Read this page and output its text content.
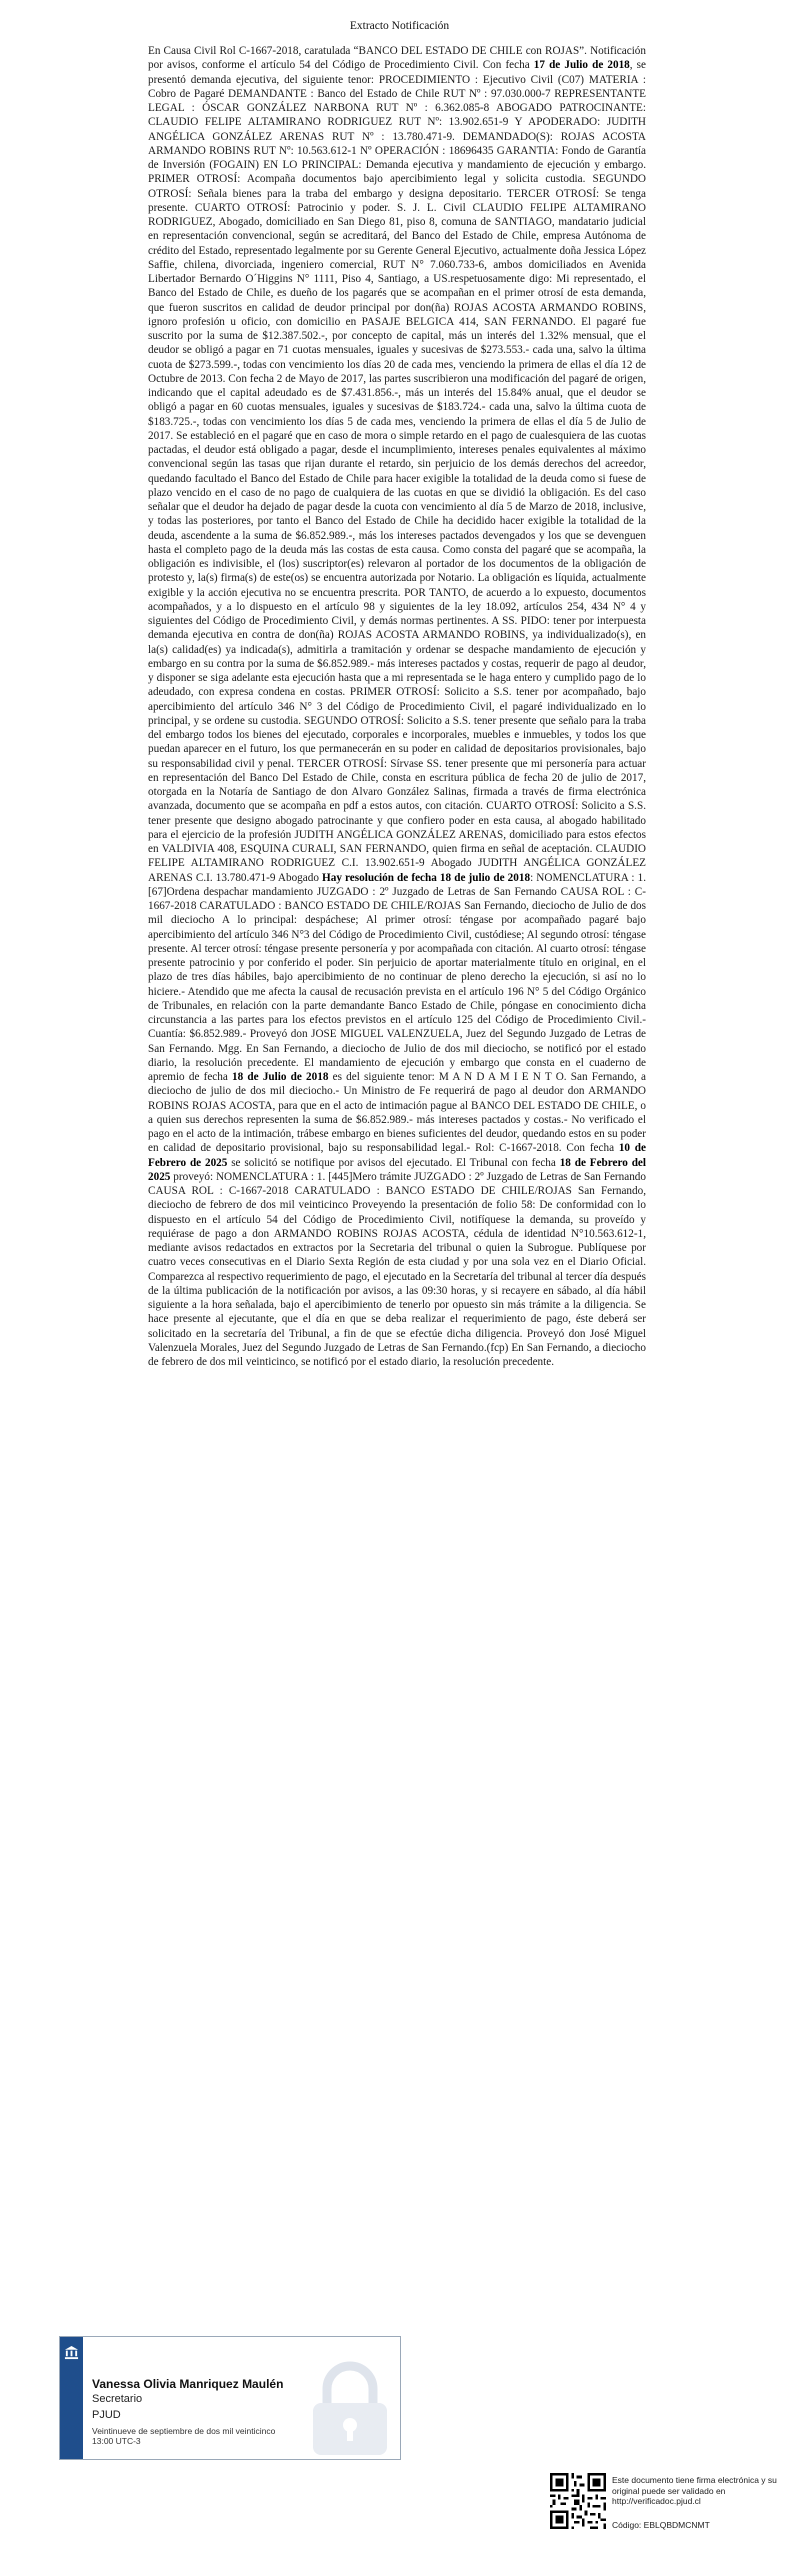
Extracto Notificación

En Causa Civil Rol C-1667-2018, caratulada “BANCO DEL ESTADO DE CHILE con ROJAS”. Notificación por avisos, conforme el artículo 54 del Código de Procedimiento Civil. Con fecha 17 de Julio de 2018, se presentó demanda ejecutiva, del siguiente tenor: PROCEDIMIENTO : Ejecutivo Civil (C07) MATERIA : Cobro de Pagaré DEMANDANTE : Banco del Estado de Chile RUT Nº : 97.030.000-7 REPRESENTANTE LEGAL : ÓSCAR GONZÁLEZ NARBONA RUT Nº : 6.362.085-8 ABOGADO PATROCINANTE: CLAUDIO FELIPE ALTAMIRANO RODRIGUEZ RUT Nº: 13.902.651-9 Y APODERADO: JUDITH ANGÉLICA GONZÁLEZ ARENAS RUT Nº : 13.780.471-9. DEMANDADO(S): ROJAS ACOSTA ARMANDO ROBINS RUT Nº: 10.563.612-1 Nº OPERACIÓN : 18696435 GARANTIA: Fondo de Garantía de Inversión (FOGAIN) EN LO PRINCIPAL: Demanda ejecutiva y mandamiento de ejecución y embargo. PRIMER OTROSÍ: Acompaña documentos bajo apercibimiento legal y solicita custodia. SEGUNDO OTROSÍ: Señala bienes para la traba del embargo y designa depositario. TERCER OTROSÍ: Se tenga presente. CUARTO OTROSÍ: Patrocinio y poder. S. J. L. Civil CLAUDIO FELIPE ALTAMIRANO RODRIGUEZ, Abogado, domiciliado en San Diego 81, piso 8, comuna de SANTIAGO, mandatario judicial en representación convencional, según se acreditará, del Banco del Estado de Chile, empresa Autónoma de crédito del Estado, representado legalmente por su Gerente General Ejecutivo, actualmente doña Jessica López Saffie, chilena, divorciada, ingeniero comercial, RUT N° 7.060.733-6, ambos domiciliados en Avenida Libertador Bernardo O´Higgins N° 1111, Piso 4, Santiago, a US.respetuosamente digo: Mi representado, el Banco del Estado de Chile, es dueño de los pagarés que se acompañan en el primer otrosí de esta demanda, que fueron suscritos en calidad de deudor principal por don(ña) ROJAS ACOSTA ARMANDO ROBINS, ignoro profesión u oficio, con domicilio en PASAJE BELGICA 414, SAN FERNANDO. El pagaré fue suscrito por la suma de $12.387.502.-, por concepto de capital, más un interés del 1.32% mensual, que el deudor se obligó a pagar en 71 cuotas mensuales, iguales y sucesivas de $273.553.- cada una, salvo la última cuota de $273.599.-, todas con vencimiento los días 20 de cada mes, venciendo la primera de ellas el día 12 de Octubre de 2013. Con fecha 2 de Mayo de 2017, las partes suscribieron una modificación del pagaré de origen, indicando que el capital adeudado es de $7.431.856.-, más un interés del 15.84% anual, que el deudor se obligó a pagar en 60 cuotas mensuales, iguales y sucesivas de $183.724.- cada una, salvo la última cuota de $183.725.-, todas con vencimiento los días 5 de cada mes, venciendo la primera de ellas el día 5 de Julio de 2017. Se estableció en el pagaré que en caso de mora o simple retardo en el pago de cualesquiera de las cuotas pactadas, el deudor está obligado a pagar, desde el incumplimiento, intereses penales equivalentes al máximo convencional según las tasas que rijan durante el retardo, sin perjuicio de los demás derechos del acreedor, quedando facultado el Banco del Estado de Chile para hacer exigible la totalidad de la deuda como si fuese de plazo vencido en el caso de no pago de cualquiera de las cuotas en que se dividió la obligación. Es del caso señalar que el deudor ha dejado de pagar desde la cuota con vencimiento al día 5 de Marzo de 2018, inclusive, y todas las posteriores, por tanto el Banco del Estado de Chile ha decidido hacer exigible la totalidad de la deuda, ascendente a la suma de $6.852.989.-, más los intereses pactados devengados y los que se devenguen hasta el completo pago de la deuda más las costas de esta causa. Como consta del pagaré que se acompaña, la obligación es indivisible, el (los) suscriptor(es) relevaron al portador de los documentos de la obligación de protesto y, la(s) firma(s) de este(os) se encuentra autorizada por Notario. La obligación es líquida, actualmente exigible y la acción ejecutiva no se encuentra prescrita. POR TANTO, de acuerdo a lo expuesto, documentos acompañados, y a lo dispuesto en el artículo 98 y siguientes de la ley 18.092, artículos 254, 434 N° 4 y siguientes del Código de Procedimiento Civil, y demás normas pertinentes. A SS. PIDO: tener por interpuesta demanda ejecutiva en contra de don(ña) ROJAS ACOSTA ARMANDO ROBINS, ya individualizado(s), en la(s) calidad(es) ya indicada(s), admitirla a tramitación y ordenar se despache mandamiento de ejecución y embargo en su contra por la suma de $6.852.989.- más intereses pactados y costas, requerir de pago al deudor, y disponer se siga adelante esta ejecución hasta que a mi representada se le haga entero y cumplido pago de lo adeudado, con expresa condena en costas. PRIMER OTROSÍ: Solicito a S.S. tener por acompañado, bajo apercibimiento del artículo 346 N° 3 del Código de Procedimiento Civil, el pagaré individualizado en lo principal, y se ordene su custodia. SEGUNDO OTROSÍ: Solicito a S.S. tener presente que señalo para la traba del embargo todos los bienes del ejecutado, corporales e incorporales, muebles e inmuebles, y todos los que puedan aparecer en el futuro, los que permanecerán en su poder en calidad de depositarios provisionales, bajo su responsabilidad civil y penal. TERCER OTROSÍ: Sírvase SS. tener presente que mi personería para actuar en representación del Banco Del Estado de Chile, consta en escritura pública de fecha 20 de julio de 2017, otorgada en la Notaría de Santiago de don Alvaro González Salinas, firmada a través de firma electrónica avanzada, documento que se acompaña en pdf a estos autos, con citación. CUARTO OTROSÍ: Solicito a S.S. tener presente que designo abogado patrocinante y que confiero poder en esta causa, al abogado habilitado para el ejercicio de la profesión JUDITH ANGÉLICA GONZÁLEZ ARENAS, domiciliado para estos efectos en VALDIVIA 408, ESQUINA CURALI, SAN FERNANDO, quien firma en señal de aceptación. CLAUDIO FELIPE ALTAMIRANO RODRIGUEZ C.I. 13.902.651-9 Abogado JUDITH ANGÉLICA GONZÁLEZ ARENAS C.I. 13.780.471-9 Abogado Hay resolución de fecha 18 de julio de 2018: NOMENCLATURA : 1. [67]Ordena despachar mandamiento JUZGADO : 2º Juzgado de Letras de San Fernando CAUSA ROL : C-1667-2018 CARATULADO : BANCO ESTADO DE CHILE/ROJAS San Fernando, dieciocho de Julio de dos mil dieciocho A lo principal: despáchese; Al primer otrosí: téngase por acompañado pagaré bajo apercibimiento del artículo 346 N°3 del Código de Procedimiento Civil, custódiese; Al segundo otrosí: téngase presente. Al tercer otrosí: téngase presente personería y por acompañada con citación. Al cuarto otrosí: téngase presente patrocinio y por conferido el poder. Sin perjuicio de aportar materialmente título en original, en el plazo de tres días hábiles, bajo apercibimiento de no continuar de pleno derecho la ejecución, si así no lo hiciere.- Atendido que me afecta la causal de recusación prevista en el artículo 196 N° 5 del Código Orgánico de Tribunales, en relación con la parte demandante Banco Estado de Chile, póngase en conocimiento dicha circunstancia a las partes para los efectos previstos en el artículo 125 del Código de Procedimiento Civil.- Cuantía: $6.852.989.- Proveyó don JOSE MIGUEL VALENZUELA, Juez del Segundo Juzgado de Letras de San Fernando. Mgg. En San Fernando, a dieciocho de Julio de dos mil dieciocho, se notificó por el estado diario, la resolución precedente. El mandamiento de ejecución y embargo que consta en el cuaderno de apremio de fecha 18 de Julio de 2018 es del siguiente tenor: M A N D A M I E N T O. San Fernando, a dieciocho de julio de dos mil dieciocho.- Un Ministro de Fe requerirá de pago al deudor don ARMANDO ROBINS ROJAS ACOSTA, para que en el acto de intimación pague al BANCO DEL ESTADO DE CHILE, o a quien sus derechos representen la suma de $6.852.989.- más intereses pactados y costas.- No verificado el pago en el acto de la intimación, trábese embargo en bienes suficientes del deudor, quedando estos en su poder en calidad de depositario provisional, bajo su responsabilidad legal.- Rol: C-1667-2018. Con fecha 10 de Febrero de 2025 se solicitó se notifique por avisos del ejecutado. El Tribunal con fecha 18 de Febrero del 2025 proveyó: NOMENCLATURA : 1. [445]Mero trámite JUZGADO : 2º Juzgado de Letras de San Fernando CAUSA ROL : C-1667-2018 CARATULADO : BANCO ESTADO DE CHILE/ROJAS San Fernando, dieciocho de febrero de dos mil veinticinco Proveyendo la presentación de folio 58: De conformidad con lo dispuesto en el artículo 54 del Código de Procedimiento Civil, notifíquese la demanda, su proveído y requiérase de pago a don ARMANDO ROBINS ROJAS ACOSTA, cédula de identidad N°10.563.612-1, mediante avisos redactados en extractos por la Secretaria del tribunal o quien la Subrogue. Publíquese por cuatro veces consecutivas en el Diario Sexta Región de esta ciudad y por una sola vez en el Diario Oficial. Comparezca al respectivo requerimiento de pago, el ejecutado en la Secretaría del tribunal al tercer día después de la última publicación de la notificación por avisos, a las 09:30 horas, y si recayere en sábado, al día hábil siguiente a la hora señalada, bajo el apercibimiento de tenerlo por opuesto sin más trámite a la diligencia. Se hace presente al ejecutante, que el día en que se deba realizar el requerimiento de pago, éste deberá ser solicitado en la secretaría del Tribunal, a fin de que se efectúe dicha diligencia. Proveyó don José Miguel Valenzuela Morales, Juez del Segundo Juzgado de Letras de San Fernando.(fcp) En San Fernando, a dieciocho de febrero de dos mil veinticinco, se notificó por el estado diario, la resolución precedente.

Vanessa Olivia Manriquez Maulén
Secretario
PJUD
Veintinueve de septiembre de dos mil veinticinco 13:00 UTC-3
Este documento tiene firma electrónica y su original puede ser validado en http://verificadoc.pjud.cl
Código: EBLQBDMCNMT
